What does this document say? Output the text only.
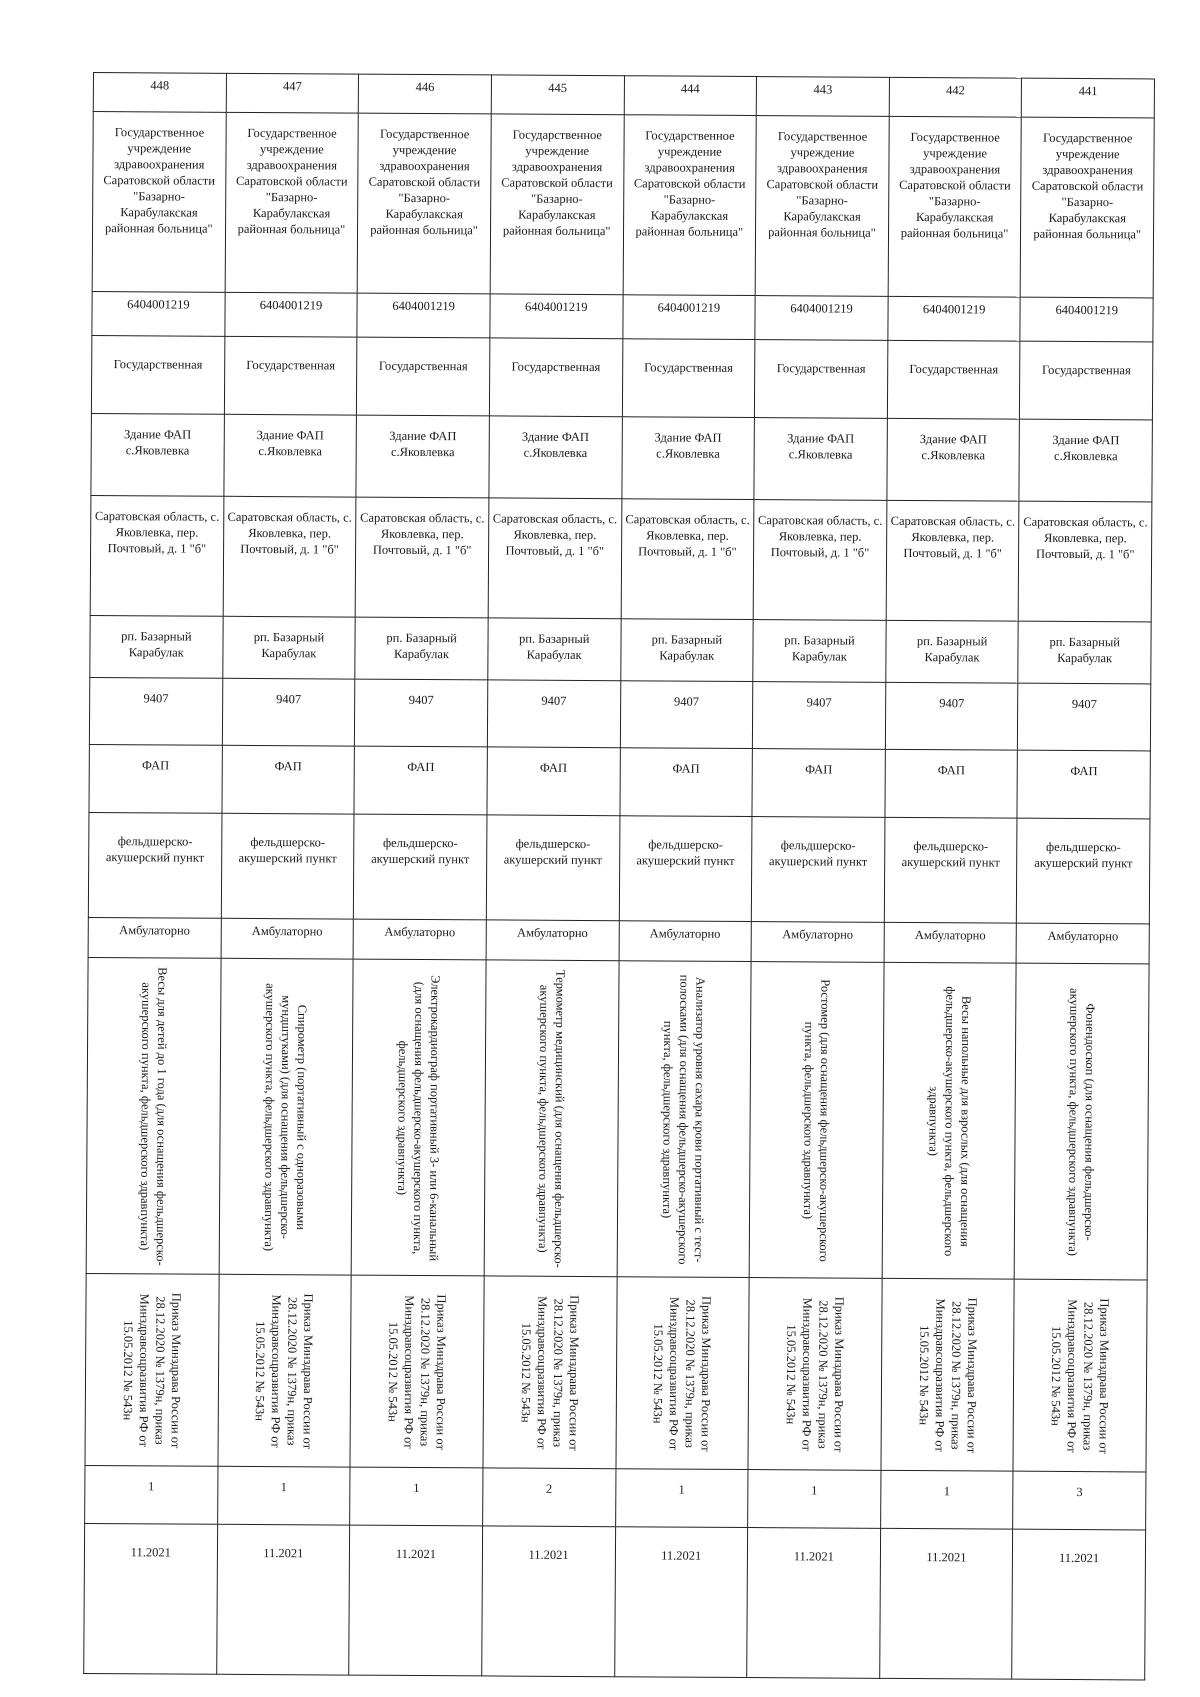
448	447	446	445	444	443	442	441

Государственное учреждение здравоохранения Саратовской области "Базарно-Карабулакская районная больница"	Государственное учреждение здравоохранения Саратовской области "Базарно-Карабулакская районная больница"	Государственное учреждение здравоохранения Саратовской области "Базарно-Карабулакская районная больница"	Государственное учреждение здравоохранения Саратовской области "Базарно-Карабулакская районная больница"	Государственное учреждение здравоохранения Саратовской области "Базарно-Карабулакская районная больница"	Государственное учреждение здравоохранения Саратовской области "Базарно-Карабулакская районная больница"	Государственное учреждение здравоохранения Саратовской области "Базарно-Карабулакская районная больница"	Государственное учреждение здравоохранения Саратовской области "Базарно-Карабулакская районная больница"

6404001219	6404001219	6404001219	6404001219	6404001219	6404001219	6404001219	6404001219

Государственная	Государственная	Государственная	Государственная	Государственная	Государственная	Государственная	Государственная

Здание ФАП с.Яковлевка	Здание ФАП с.Яковлевка	Здание ФАП с.Яковлевка	Здание ФАП с.Яковлевка	Здание ФАП с.Яковлевка	Здание ФАП с.Яковлевка	Здание ФАП с.Яковлевка	Здание ФАП с.Яковлевка

Саратовская область, с. Яковлевка, пер. Почтовый, д. 1 "б"	Саратовская область, с. Яковлевка, пер. Почтовый, д. 1 "б"	Саратовская область, с. Яковлевка, пер. Почтовый, д. 1 "б"	Саратовская область, с. Яковлевка, пер. Почтовый, д. 1 "б"	Саратовская область, с. Яковлевка, пер. Почтовый, д. 1 "б"	Саратовская область, с. Яковлевка, пер. Почтовый, д. 1 "б"	Саратовская область, с. Яковлевка, пер. Почтовый, д. 1 "б"	Саратовская область, с. Яковлевка, пер. Почтовый, д. 1 "б"

рп. Базарный Карабулак	рп. Базарный Карабулак	рп. Базарный Карабулак	рп. Базарный Карабулак	рп. Базарный Карабулак	рп. Базарный Карабулак	рп. Базарный Карабулак	рп. Базарный Карабулак

9407	9407	9407	9407	9407	9407	9407	9407

ФАП	ФАП	ФАП	ФАП	ФАП	ФАП	ФАП	ФАП

фельдшерско-акушерский пункт	фельдшерско-акушерский пункт	фельдшерско-акушерский пункт	фельдшерско-акушерский пункт	фельдшерско-акушерский пункт	фельдшерско-акушерский пункт	фельдшерско-акушерский пункт	фельдшерско-акушерский пункт

Амбулаторно	Амбулаторно	Амбулаторно	Амбулаторно	Амбулаторно	Амбулаторно	Амбулаторно	Амбулаторно

Весы для детей до 1 года (для оснащения фельдшерско-акушерского пункта, фельдшерского здравпункта)	Спирометр (портативный с одноразовыми мундштуками) (для оснащения фельдшерско-акушерского пункта, фельдшерского здравпункта)	Электрокардиограф портативный 3- или 6-канальный (для оснащения фельдшерско-акушерского пункта, фельдшерского здравпункта)	Термометр медицинский (для оснащения фельдшерско-акушерского пункта, фельдшерского здравпункта)	Анализатор уровня сахара крови портативный с тест-полосками (для оснащения фельдшерско-акушерского пункта, фельдшерского здравпункта)	Ростомер (для оснащения фельдшерско-акушерского пункта, фельдшерского здравпункта)	Весы напольные для взрослых (для оснащения фельдшерско-акушерского пункта, фельдшерского здравпункта)	Фонендоскоп (для оснащения фельдшерско-акушерского пункта, фельдшерского здравпункта)

Приказ Минздрава России от 28.12.2020 № 1379н, приказ Минздравсоцразвития РФ от 15.05.2012 № 543н	Приказ Минздрава России от 28.12.2020 № 1379н, приказ Минздравсоцразвития РФ от 15.05.2012 № 543н	Приказ Минздрава России от 28.12.2020 № 1379н, приказ Минздравсоцразвития РФ от 15.05.2012 № 543н	Приказ Минздрава России от 28.12.2020 № 1379н, приказ Минздравсоцразвития РФ от 15.05.2012 № 543н	Приказ Минздрава России от 28.12.2020 № 1379н, приказ Минздравсоцразвития РФ от 15.05.2012 № 543н	Приказ Минздрава России от 28.12.2020 № 1379н, приказ Минздравсоцразвития РФ от 15.05.2012 № 543н	Приказ Минздрава России от 28.12.2020 № 1379н, приказ Минздравсоцразвития РФ от 15.05.2012 № 543н	Приказ Минздрава России от 28.12.2020 № 1379н, приказ Минздравсоцразвития РФ от 15.05.2012 № 543н

1	1	1	2	1	1	1	3

11.2021	11.2021	11.2021	11.2021	11.2021	11.2021	11.2021	11.2021
